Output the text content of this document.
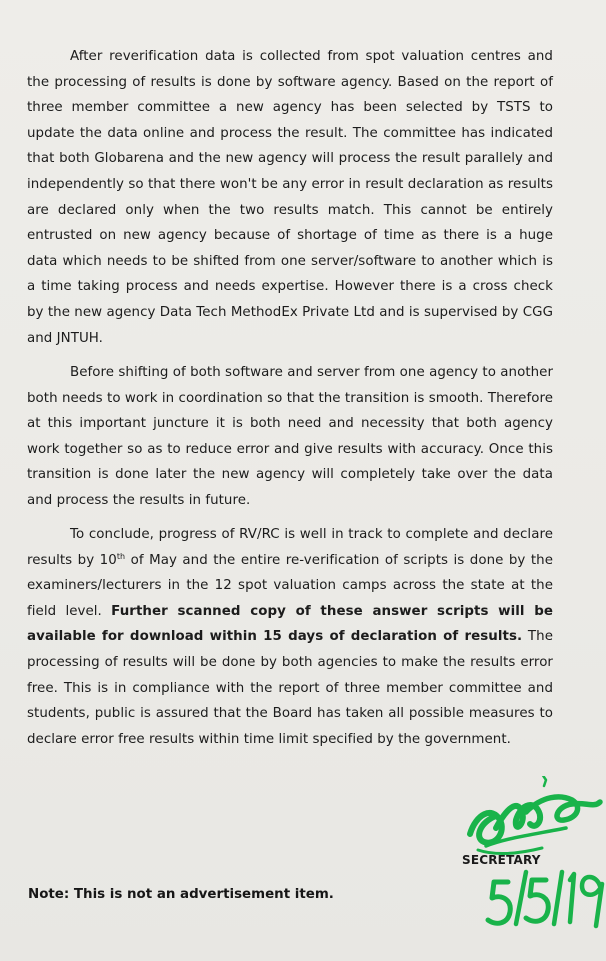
After reverification data is collected from spot valuation centres and the processing of results is done by software agency. Based on the report of three member committee a new agency has been selected by TSTS to update the data online and process the result. The committee has indicated that both Globarena and the new agency will process the result parallely and independently so that there won't be any error in result declaration as results are declared only when the two results match. This cannot be entirely entrusted on new agency because of shortage of time as there is a huge data which needs to be shifted from one server/software to another which is a time taking process and needs expertise. However there is a cross check by the new agency Data Tech MethodEx Private Ltd and is supervised by CGG and JNTUH.

Before shifting of both software and server from one agency to another both needs to work in coordination so that the transition is smooth. Therefore at this important juncture it is both need and necessity that both agency work together so as to reduce error and give results with accuracy. Once this transition is done later the new agency will completely take over the data and process the results in future.

To conclude, progress of RV/RC is well in track to complete and declare results by 10th of May and the entire re-verification of scripts is done by the examiners/lecturers in the 12 spot valuation camps across the state at the field level. Further scanned copy of these answer scripts will be available for download within 15 days of declaration of results. The processing of results will be done by both agencies to make the results error free. This is in compliance with the report of three member committee and students, public is assured that the Board has taken all possible measures to declare error free results within time limit specified by the government.

SECRETARY
Note: This is not an advertisement item.
